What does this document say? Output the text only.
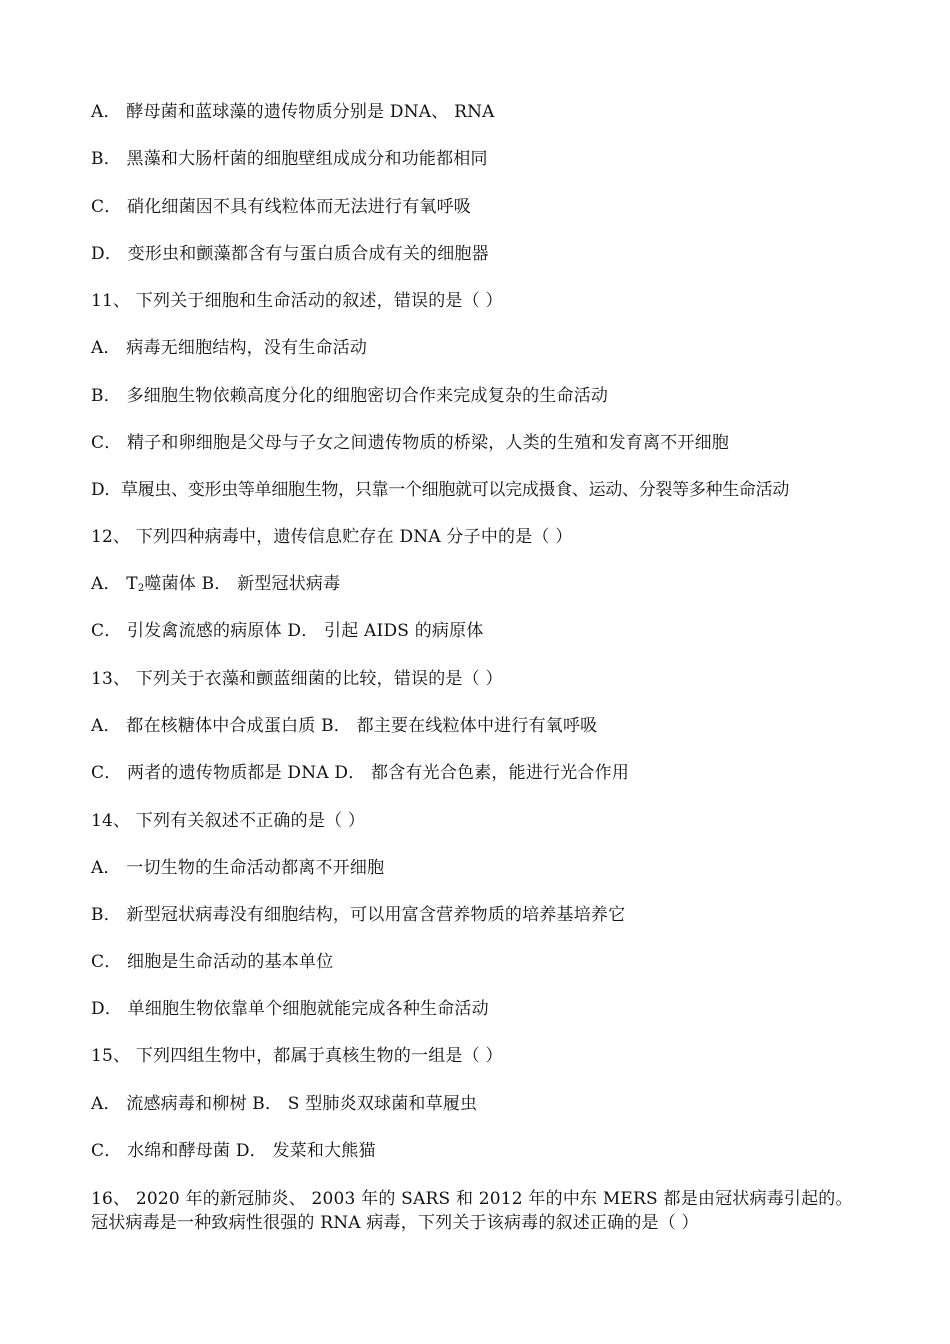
A． 酵母菌和蓝球藻的遗传物质分别是 DNA、 RNA
B． 黑藻和大肠杆菌的细胞壁组成成分和功能都相同
C． 硝化细菌因不具有线粒体而无法进行有氧呼吸
D． 变形虫和颤藻都含有与蛋白质合成有关的细胞器
11、 下列关于细胞和生命活动的叙述，错误的是（ ）
A． 病毒无细胞结构，没有生命活动
B． 多细胞生物依赖高度分化的细胞密切合作来完成复杂的生命活动
C． 精子和卵细胞是父母与子女之间遗传物质的桥梁，人类的生殖和发育离不开细胞
D．草履虫、变形虫等单细胞生物，只靠一个细胞就可以完成摄食、运动、分裂等多种生命活动
12、 下列四种病毒中，遗传信息贮存在 DNA 分子中的是（ ）
A． $T_2$噬菌体 B． 新型冠状病毒
C． 引发禽流感的病原体 D． 引起 AIDS 的病原体
13、 下列关于衣藻和颤蓝细菌的比较，错误的是（ ）
A． 都在核糖体中合成蛋白质 B． 都主要在线粒体中进行有氧呼吸
C． 两者的遗传物质都是 DNA D． 都含有光合色素，能进行光合作用
14、 下列有关叙述不正确的是（ ）
A． 一切生物的生命活动都离不开细胞
B． 新型冠状病毒没有细胞结构，可以用富含营养物质的培养基培养它
C． 细胞是生命活动的基本单位
D． 单细胞生物依靠单个细胞就能完成各种生命活动
15、 下列四组生物中，都属于真核生物的一组是（ ）
A． 流感病毒和柳树 B． S 型肺炎双球菌和草履虫
C． 水绵和酵母菌 D． 发菜和大熊猫
16、 2020 年的新冠肺炎、 2003 年的 SARS 和 2012 年的中东 MERS 都是由冠状病毒引起的。冠状病毒是一种致病性很强的 RNA 病毒，下列关于该病毒的叙述正确的是（ ）
